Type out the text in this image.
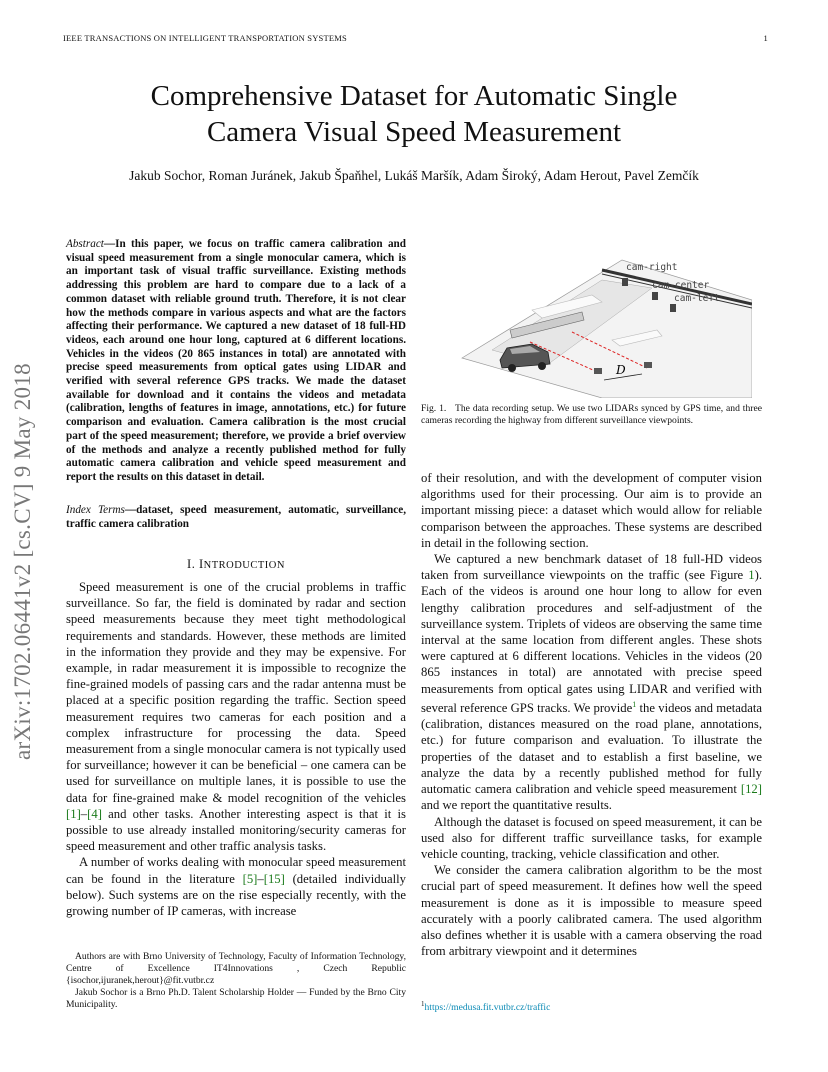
IEEE TRANSACTIONS ON INTELLIGENT TRANSPORTATION SYSTEMS	1
Comprehensive Dataset for Automatic Single
Camera Visual Speed Measurement
Jakub Sochor, Roman Juránek, Jakub Špaňhel, Lukáš Maršík, Adam Široký, Adam Herout, Pavel Zemčík
arXiv:1702.06441v2 [cs.CV] 9 May 2018
Abstract—In this paper, we focus on traffic camera calibration and visual speed measurement from a single monocular camera, which is an important task of visual traffic surveillance. Existing methods addressing this problem are hard to compare due to a lack of a common dataset with reliable ground truth. Therefore, it is not clear how the methods compare in various aspects and what are the factors affecting their performance. We captured a new dataset of 18 full-HD videos, each around one hour long, captured at 6 different locations. Vehicles in the videos (20 865 instances in total) are annotated with precise speed measurements from optical gates using LIDAR and verified with several reference GPS tracks. We made the dataset available for download and it contains the videos and metadata (calibration, lengths of features in image, annotations, etc.) for future comparison and evaluation. Camera calibration is the most crucial part of the speed measurement; therefore, we provide a brief overview of the methods and analyze a recently published method for fully automatic camera calibration and vehicle speed measurement and report the results on this dataset in detail.
Index Terms—dataset, speed measurement, automatic, surveillance, traffic camera calibration
I. INTRODUCTION

Speed measurement is one of the crucial problems in traffic surveillance. So far, the field is dominated by radar and section speed measurements because they meet tight methodological requirements and standards. However, these methods are limited in the information they provide and they may be expensive. For example, in radar measurement it is impossible to recognize the fine-grained models of passing cars and the radar antenna must be placed at a specific position regarding the traffic. Section speed measurement requires two cameras for each position and a complex infrastructure for processing the data. Speed measurement from a single monocular camera is not typically used for surveillance; however it can be beneficial – one camera can be used for surveillance on multiple lanes, it is possible to use the data for fine-grained make & model recognition of the vehicles [1]–[4] and other tasks. Another interesting aspect is that it is possible to use already installed monitoring/security cameras for speed measurement and other traffic analysis tasks.

A number of works dealing with monocular speed measurement can be found in the literature [5]–[15] (detailed individually below). Such systems are on the rise especially recently, with the growing number of IP cameras, with increase

Authors are with Brno University of Technology, Faculty of Information Technology, Centre of Excellence IT4Innovations , Czech Republic {isochor,ijuranek,herout}@fit.vutbr.cz

Jakub Sochor is a Brno Ph.D. Talent Scholarship Holder — Funded by the Brno City Municipality.

cam-right
cam-center
cam-left
D
Fig. 1. The data recording setup. We use two LIDARs synced by GPS time, and three cameras recording the highway from different surveillance viewpoints.

of their resolution, and with the development of computer vision algorithms used for their processing. Our aim is to provide an important missing piece: a dataset which would allow for reliable comparison between the approaches. These systems are described in detail in the following section.

We captured a new benchmark dataset of 18 full-HD videos taken from surveillance viewpoints on the traffic (see Figure 1). Each of the videos is around one hour long to allow for even lengthy calibration procedures and self-adjustment of the surveillance system. Triplets of videos are observing the same time interval at the same location from different angles. These shots were captured at 6 different locations. Vehicles in the videos (20 865 instances in total) are annotated with precise speed measurements from optical gates using LIDAR and verified with several reference GPS tracks. We provide$^1$ the videos and metadata (calibration, distances measured on the road plane, annotations, etc.) for future comparison and evaluation. To illustrate the properties of the dataset and to establish a first baseline, we analyze the data by a recently published method for fully automatic camera calibration and vehicle speed measurement [12] and we report the quantitative results.

Although the dataset is focused on speed measurement, it can be used also for different traffic surveillance tasks, for example vehicle counting, tracking, vehicle classification and other.

We consider the camera calibration algorithm to be the most crucial part of speed measurement. It defines how well the speed measurement is done as it is impossible to measure speed accurately with a poorly calibrated camera. The used algorithm also defines whether it is usable with a camera observing the road from arbitrary viewpoint and it determines

$^1$https://medusa.fit.vutbr.cz/traffic
